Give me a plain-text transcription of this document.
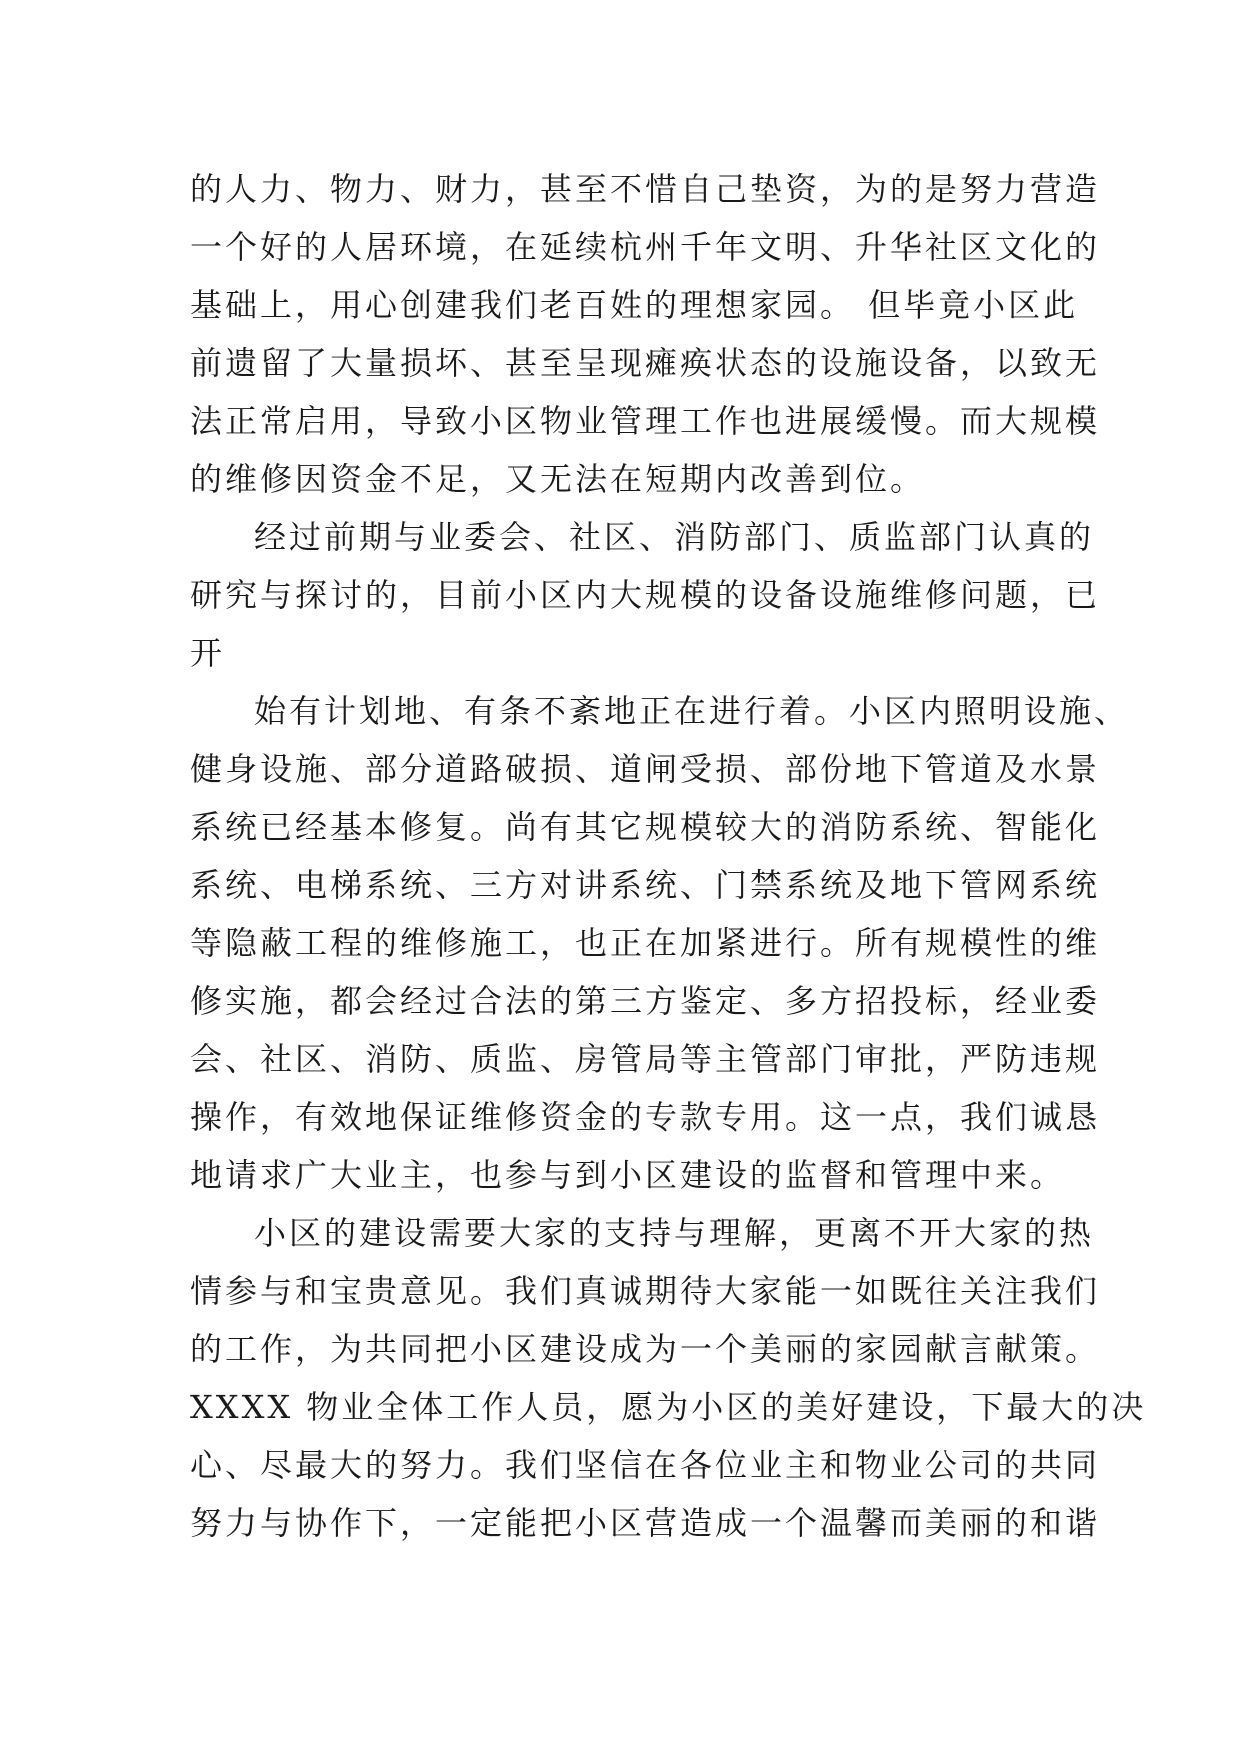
的人力、物力、财力，甚至不惜自己垫资，为的是努力营造
一个好的人居环境，在延续杭州千年文明、升华社区文化的
基础上，用心创建我们老百姓的理想家园。 但毕竟小区此
前遗留了大量损坏、甚至呈现瘫痪状态的设施设备，以致无
法正常启用，导致小区物业管理工作也进展缓慢。而大规模
的维修因资金不足，又无法在短期内改善到位。
经过前期与业委会、社区、消防部门、质监部门认真的
研究与探讨的，目前小区内大规模的设备设施维修问题，已
开
始有计划地、有条不紊地正在进行着。小区内照明设施、
健身设施、部分道路破损、道闸受损、部份地下管道及水景
系统已经基本修复。尚有其它规模较大的消防系统、智能化
系统、电梯系统、三方对讲系统、门禁系统及地下管网系统
等隐蔽工程的维修施工，也正在加紧进行。所有规模性的维
修实施，都会经过合法的第三方鉴定、多方招投标，经业委
会、社区、消防、质监、房管局等主管部门审批，严防违规
操作，有效地保证维修资金的专款专用。这一点，我们诚恳
地请求广大业主，也参与到小区建设的监督和管理中来。
小区的建设需要大家的支持与理解，更离不开大家的热
情参与和宝贵意见。我们真诚期待大家能一如既往关注我们
的工作，为共同把小区建设成为一个美丽的家园献言献策。
XXXX 物业全体工作人员，愿为小区的美好建设，下最大的决
心、尽最大的努力。我们坚信在各位业主和物业公司的共同
努力与协作下，一定能把小区营造成一个温馨而美丽的和谐
